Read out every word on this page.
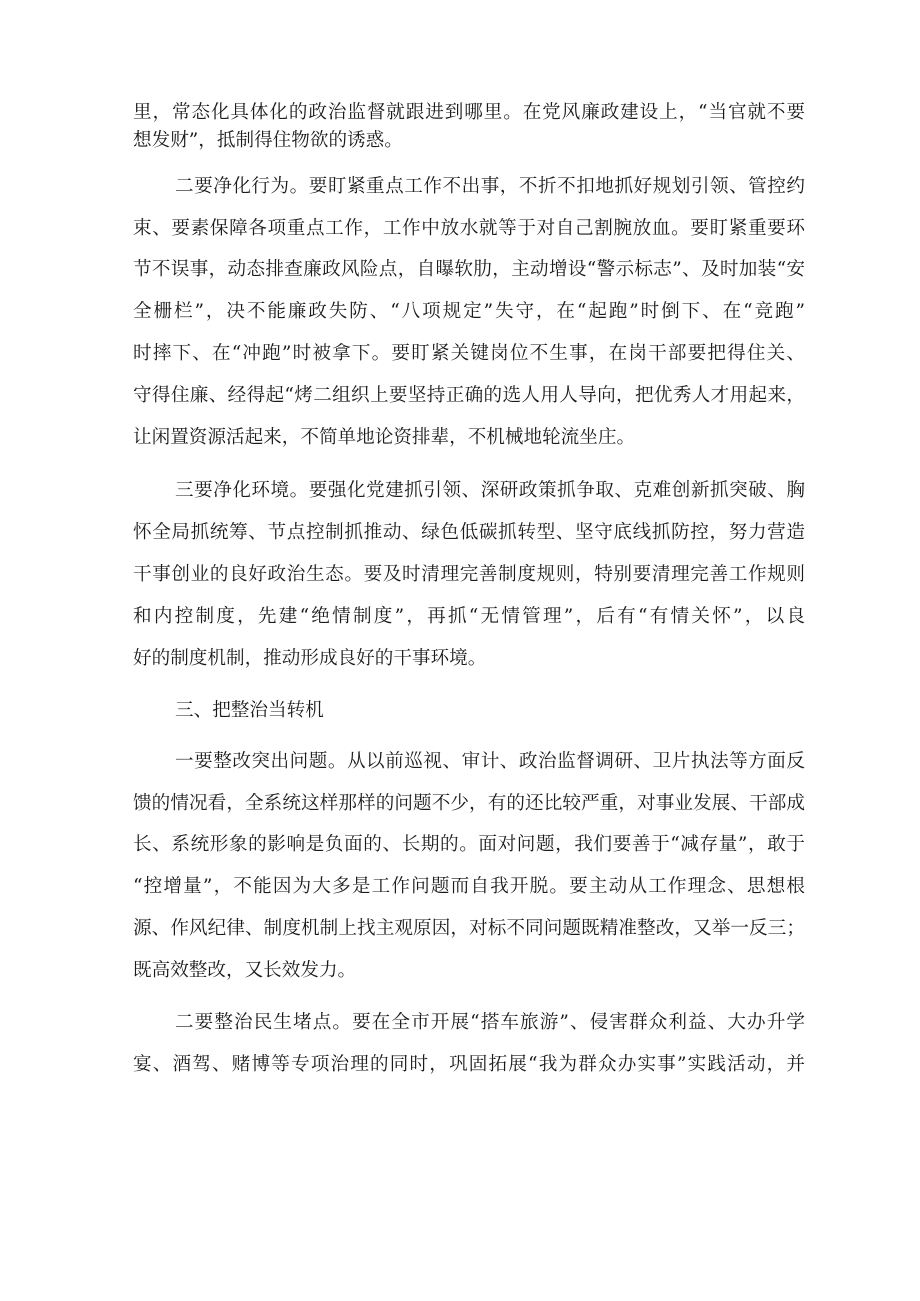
里，常态化具体化的政治监督就跟进到哪里。在党风廉政建设上，“当官就不要
想发财”，抵制得住物欲的诱惑。
二要净化行为。要盯紧重点工作不出事，不折不扣地抓好规划引领、管控约
束、要素保障各项重点工作，工作中放水就等于对自己割腕放血。要盯紧重要环
节不误事，动态排查廉政风险点，自曝软肋，主动增设“警示标志”、及时加装“安
全栅栏”，决不能廉政失防、“八项规定”失守，在“起跑”时倒下、在“竞跑”
时摔下、在“冲跑”时被拿下。要盯紧关键岗位不生事，在岗干部要把得住关、
守得住廉、经得起“烤二组织上要坚持正确的选人用人导向，把优秀人才用起来，
让闲置资源活起来，不简单地论资排辈，不机械地轮流坐庄。
三要净化环境。要强化党建抓引领、深研政策抓争取、克难创新抓突破、胸
怀全局抓统筹、节点控制抓推动、绿色低碳抓转型、坚守底线抓防控，努力营造
干事创业的良好政治生态。要及时清理完善制度规则，特别要清理完善工作规则
和内控制度，先建“绝情制度”，再抓“无情管理”，后有“有情关怀”，以良
好的制度机制，推动形成良好的干事环境。
三、把整治当转机
一要整改突出问题。从以前巡视、审计、政治监督调研、卫片执法等方面反
馈的情况看，全系统这样那样的问题不少，有的还比较严重，对事业发展、干部成
长、系统形象的影响是负面的、长期的。面对问题，我们要善于“减存量”，敢于
“控增量”，不能因为大多是工作问题而自我开脱。要主动从工作理念、思想根
源、作风纪律、制度机制上找主观原因，对标不同问题既精准整改，又举一反三；
既高效整改，又长效发力。
二要整治民生堵点。要在全市开展“搭车旅游”、侵害群众利益、大办升学
宴、酒驾、赌博等专项治理的同时，巩固拓展“我为群众办实事”实践活动，并
